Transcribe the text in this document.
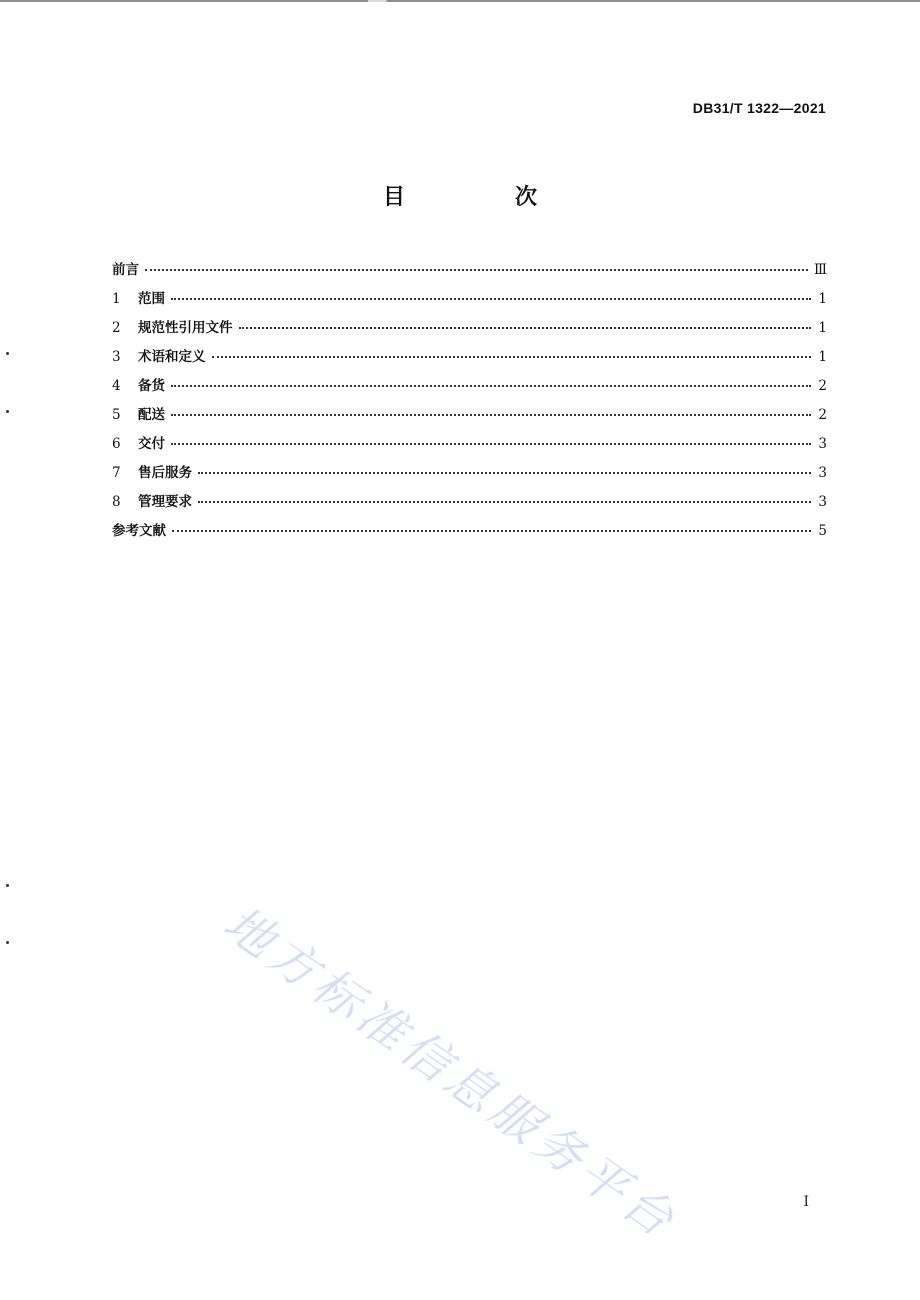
DB31/T 1322—2021
目　次
前言	Ⅲ
1	范围	1
2	规范性引用文件	1
3	术语和定义	1
4	备货	2
5	配送	2
6	交付	3
7	售后服务	3
8	管理要求	3
参考文献	5
地方标准信息服务平台	I
